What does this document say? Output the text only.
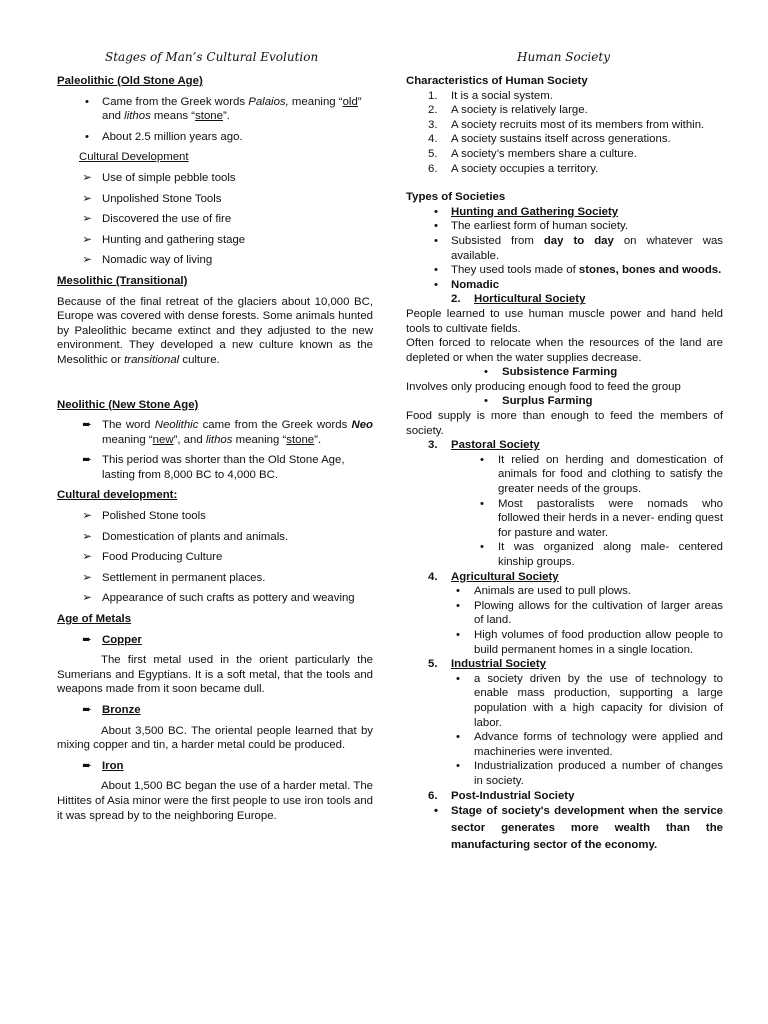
Stages of Man’s Cultural Evolution	Human Society

Paleolithic (Old Stone Age)

•	Came from the Greek words Palaios, meaning “old” and lithos means “stone”.
•	About 2.5 million years ago.

Cultural Development

➢ Use of simple pebble tools
➢ Unpolished Stone Tools
➢ Discovered the use of fire
➢ Hunting and gathering stage
➢ Nomadic way of living

Mesolithic (Transitional)

Because of the final retreat of the glaciers about 10,000 BC, Europe was covered with dense forests. Some animals hunted by Paleolithic became extinct and they adjusted to the new environment. They developed a new culture known as the Mesolithic or transitional culture.

Neolithic (New Stone Age)

➨ The word Neolithic came from the Greek words Neo meaning “new”, and lithos meaning “stone”.
➨ This period was shorter than the Old Stone Age, lasting from 8,000 BC to 4,000 BC.

Cultural development:

➢ Polished Stone tools
➢ Domestication of plants and animals.
➢ Food Producing Culture
➢ Settlement in permanent places.
➢ Appearance of such crafts as pottery and weaving

Age of Metals

➨ Copper

The first metal used in the orient particularly the Sumerians and Egyptians. It is a soft metal, that the tools and weapons made from it soon became dull.

➨ Bronze

About 3,500 BC. The oriental people learned that by mixing copper and tin, a harder metal could be produced.

➨ Iron

About 1,500 BC began the use of a harder metal. The Hittites of Asia minor were the first people to use iron tools and it was spread by to the neighboring Europe.

Characteristics of Human Society

1. It is a social system.
2. A society is relatively large.
3. A society recruits most of its members from within.
4. A society sustains itself across generations.
5. A society’s members share a culture.
6. A society occupies a territory.

Types of Societies

•	Hunting and Gathering Society
•	The earliest form of human society.
•	Subsisted from day to day on whatever was available.
•	They used tools made of stones, bones and woods.
•	Nomadic
2. Horticultural Society

People learned to use human muscle power and hand held tools to cultivate fields.

Often forced to relocate when the resources of the land are depleted or when the water supplies decrease.

•	Subsistence Farming

Involves only producing enough food to feed the group

•	Surplus Farming

Food supply is more than enough to feed the members of society.

3. Pastoral Society
•	It relied on herding and domestication of animals for food and clothing to satisfy the greater needs of the groups.
•	Most pastoralists were nomads who followed their herds in a never- ending quest for pasture and water.
•	It was organized along male- centered kinship groups.
4. Agricultural Society
•	Animals are used to pull plows.
•	Plowing allows for the cultivation of larger areas of land.
•	High volumes of food production allow people to build permanent homes in a single location.
5. Industrial Society
•	a society driven by the use of technology to enable mass production, supporting a large population with a high capacity for division of labor.
•	Advance forms of technology were applied and machineries were invented.
•	Industrialization produced a number of changes in society.
6. Post-Industrial Society
•	Stage of society's development when the service sector generates more wealth than the manufacturing sector of the economy.
